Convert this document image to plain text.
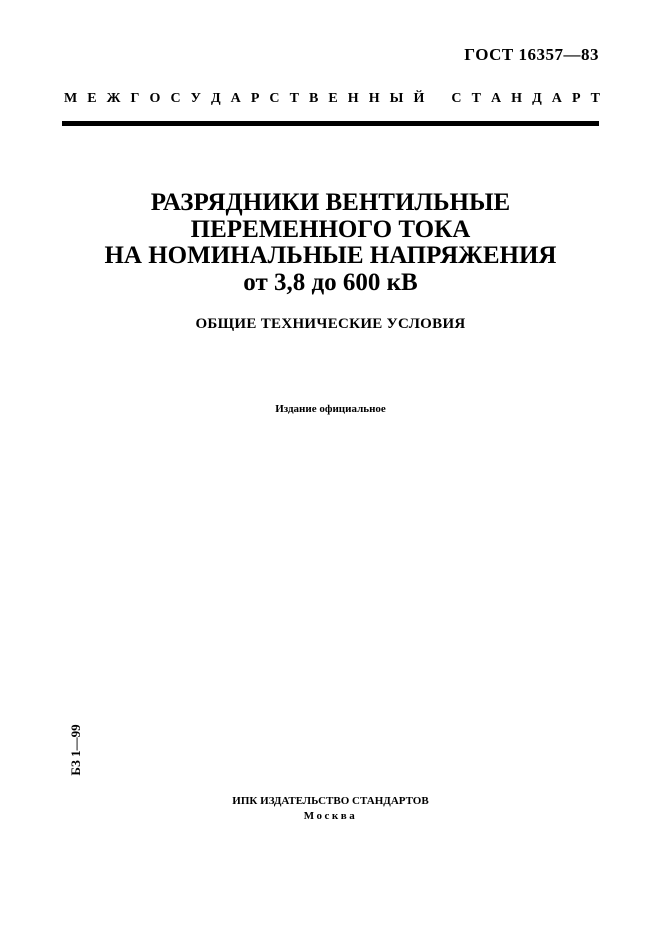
ГОСТ 16357—83
М Е Ж Г О С У Д А Р С Т В Е Н Н Ы Й
С Т А Н Д А Р Т
РАЗРЯДНИКИ ВЕНТИЛЬНЫЕ
ПЕРЕМЕННОГО ТОКА
НА НОМИНАЛЬНЫЕ НАПРЯЖЕНИЯ
от 3,8 до 600 кВ
ОБЩИЕ ТЕХНИЧЕСКИЕ УСЛОВИЯ
Издание официальное
БЗ 1—99
ИПК ИЗДАТЕЛЬСТВО СТАНДАРТОВ
Москва
